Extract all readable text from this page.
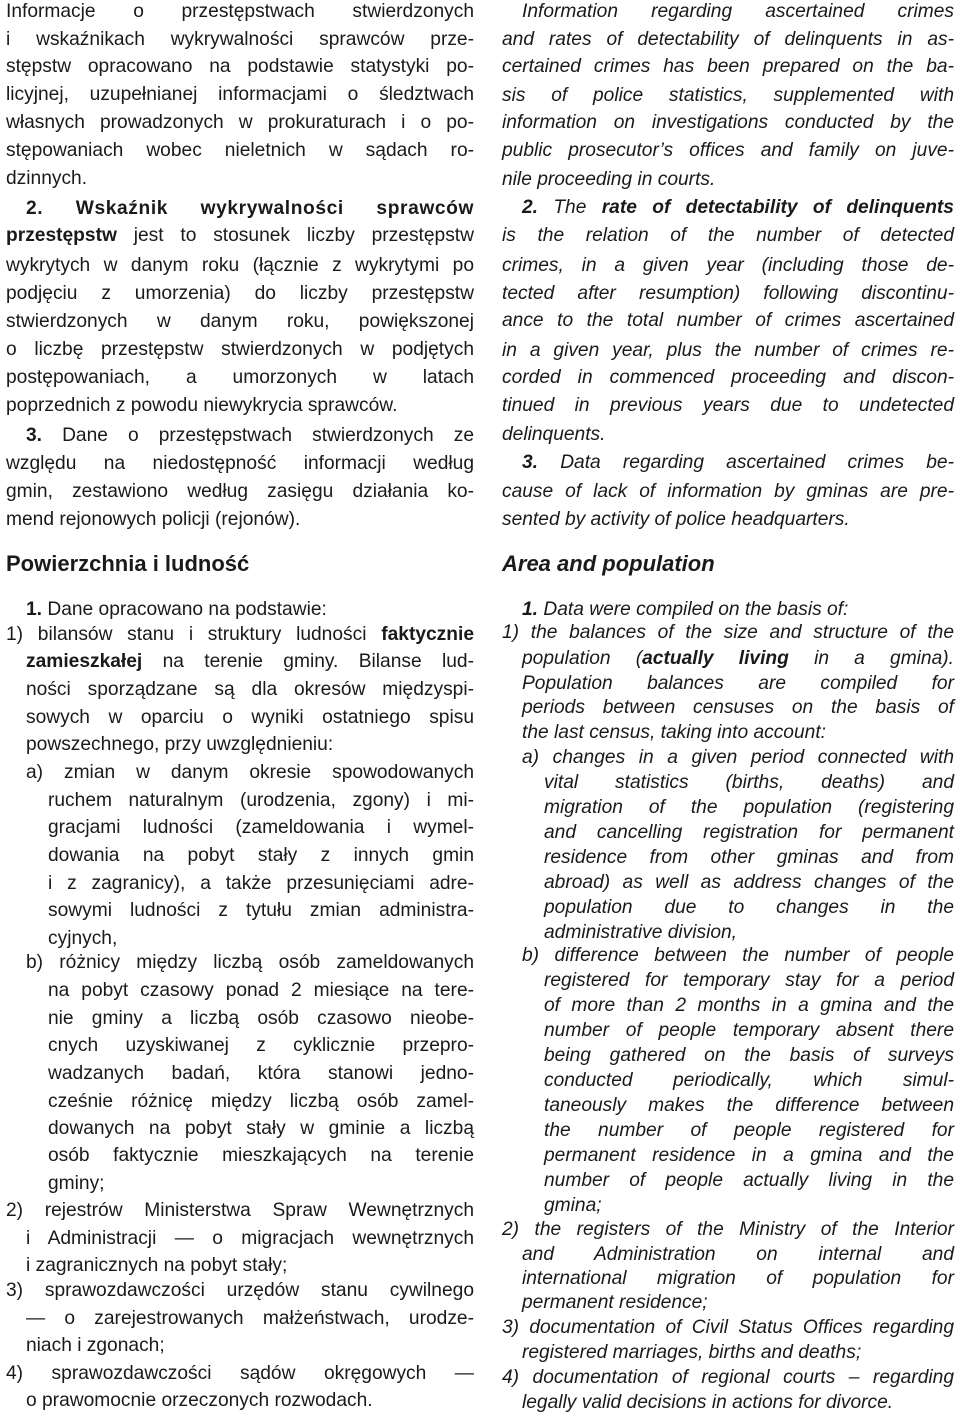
Informacje o przestępstwach stwierdzonych
i wskaźnikach wykrywalności sprawców prze-
stępstw opracowano na podstawie statystyki po-
licyjnej, uzupełnianej informacjami o śledztwach
własnych prowadzonych w prokuraturach i o po-
stępowaniach wobec nieletnich w sądach ro-
dzinnych.
2. Wskaźnik wykrywalności sprawców
przestępstw jest to stosunek liczby przestępstw
wykrytych w danym roku (łącznie z wykrytymi po
podjęciu z umorzenia) do liczby przestępstw
stwierdzonych w danym roku, powiększonej
o liczbę przestępstw stwierdzonych w podjętych
postępowaniach, a umorzonych w latach
poprzednich z powodu niewykrycia sprawców.
3. Dane o przestępstwach stwierdzonych ze
względu na niedostępność informacji według
gmin, zestawiono według zasięgu działania ko-
mend rejonowych policji (rejonów).
Powierzchnia i ludność
1. Dane opracowano na podstawie:
1) bilansów stanu i struktury ludności faktycznie
zamieszkałej na terenie gminy. Bilanse lud-
ności sporządzane są dla okresów międzyspi-
sowych w oparciu o wyniki ostatniego spisu
powszechnego, przy uwzględnieniu:
a) zmian w danym okresie spowodowanych
ruchem naturalnym (urodzenia, zgony) i mi-
gracjami ludności (zameldowania i wymel-
dowania na pobyt stały z innych gmin
i z zagranicy), a także przesunięciami adre-
sowymi ludności z tytułu zmian administra-
cyjnych,
b) różnicy między liczbą osób zameldowanych
na pobyt czasowy ponad 2 miesiące na tere-
nie gminy a liczbą osób czasowo nieobe-
cnych uzyskiwanej z cyklicznie przepro-
wadzanych badań, która stanowi jedno-
cześnie różnicę między liczbą osób zamel-
dowanych na pobyt stały w gminie a liczbą
osób faktycznie mieszkających na terenie
gminy;
2) rejestrów Ministerstwa Spraw Wewnętrznych
i Administracji — o migracjach wewnętrznych
i zagranicznych na pobyt stały;
3) sprawozdawczości urzędów stanu cywilnego
— o zarejestrowanych małżeństwach, urodze-
niach i zgonach;
4) sprawozdawczości sądów okręgowych —
o prawomocnie orzeczonych rozwodach.
Information regarding ascertained crimes
and rates of detectability of delinquents in as-
certained crimes has been prepared on the ba-
sis of police statistics, supplemented with
information on investigations conducted by the
public prosecutor’s offices and family on juve-
nile proceeding in courts.
2. The rate of detectability of delinquents
is the relation of the number of detected
crimes, in a given year (including those de-
tected after resumption) following discontinu-
ance to the total number of crimes ascertained
in a given year, plus the number of crimes re-
corded in commenced proceeding and discon-
tinued in previous years due to undetected
delinquents.
3. Data regarding ascertained crimes be-
cause of lack of information by gminas are pre-
sented by activity of police headquarters.
Area and population
1. Data were compiled on the basis of:
1) the balances of the size and structure of the
population (actually living in a gmina).
Population balances are compiled for
periods between censuses on the basis of
the last census, taking into account:
a) changes in a given period connected with
vital statistics (births, deaths) and
migration of the population (registering
and cancelling registration for permanent
residence from other gminas and from
abroad) as well as address changes of the
population due to changes in the
administrative division,
b) difference between the number of people
registered for temporary stay for a period
of more than 2 months in a gmina and the
number of people temporary absent there
being gathered on the basis of surveys
conducted periodically, which simul-
taneously makes the difference between
the number of people registered for
permanent residence in a gmina and the
number of people actually living in the
gmina;
2) the registers of the Ministry of the Interior
and Administration on internal and
international migration of population for
permanent residence;
3) documentation of Civil Status Offices regarding
registered marriages, births and deaths;
4) documentation of regional courts – regarding
legally valid decisions in actions for divorce.
